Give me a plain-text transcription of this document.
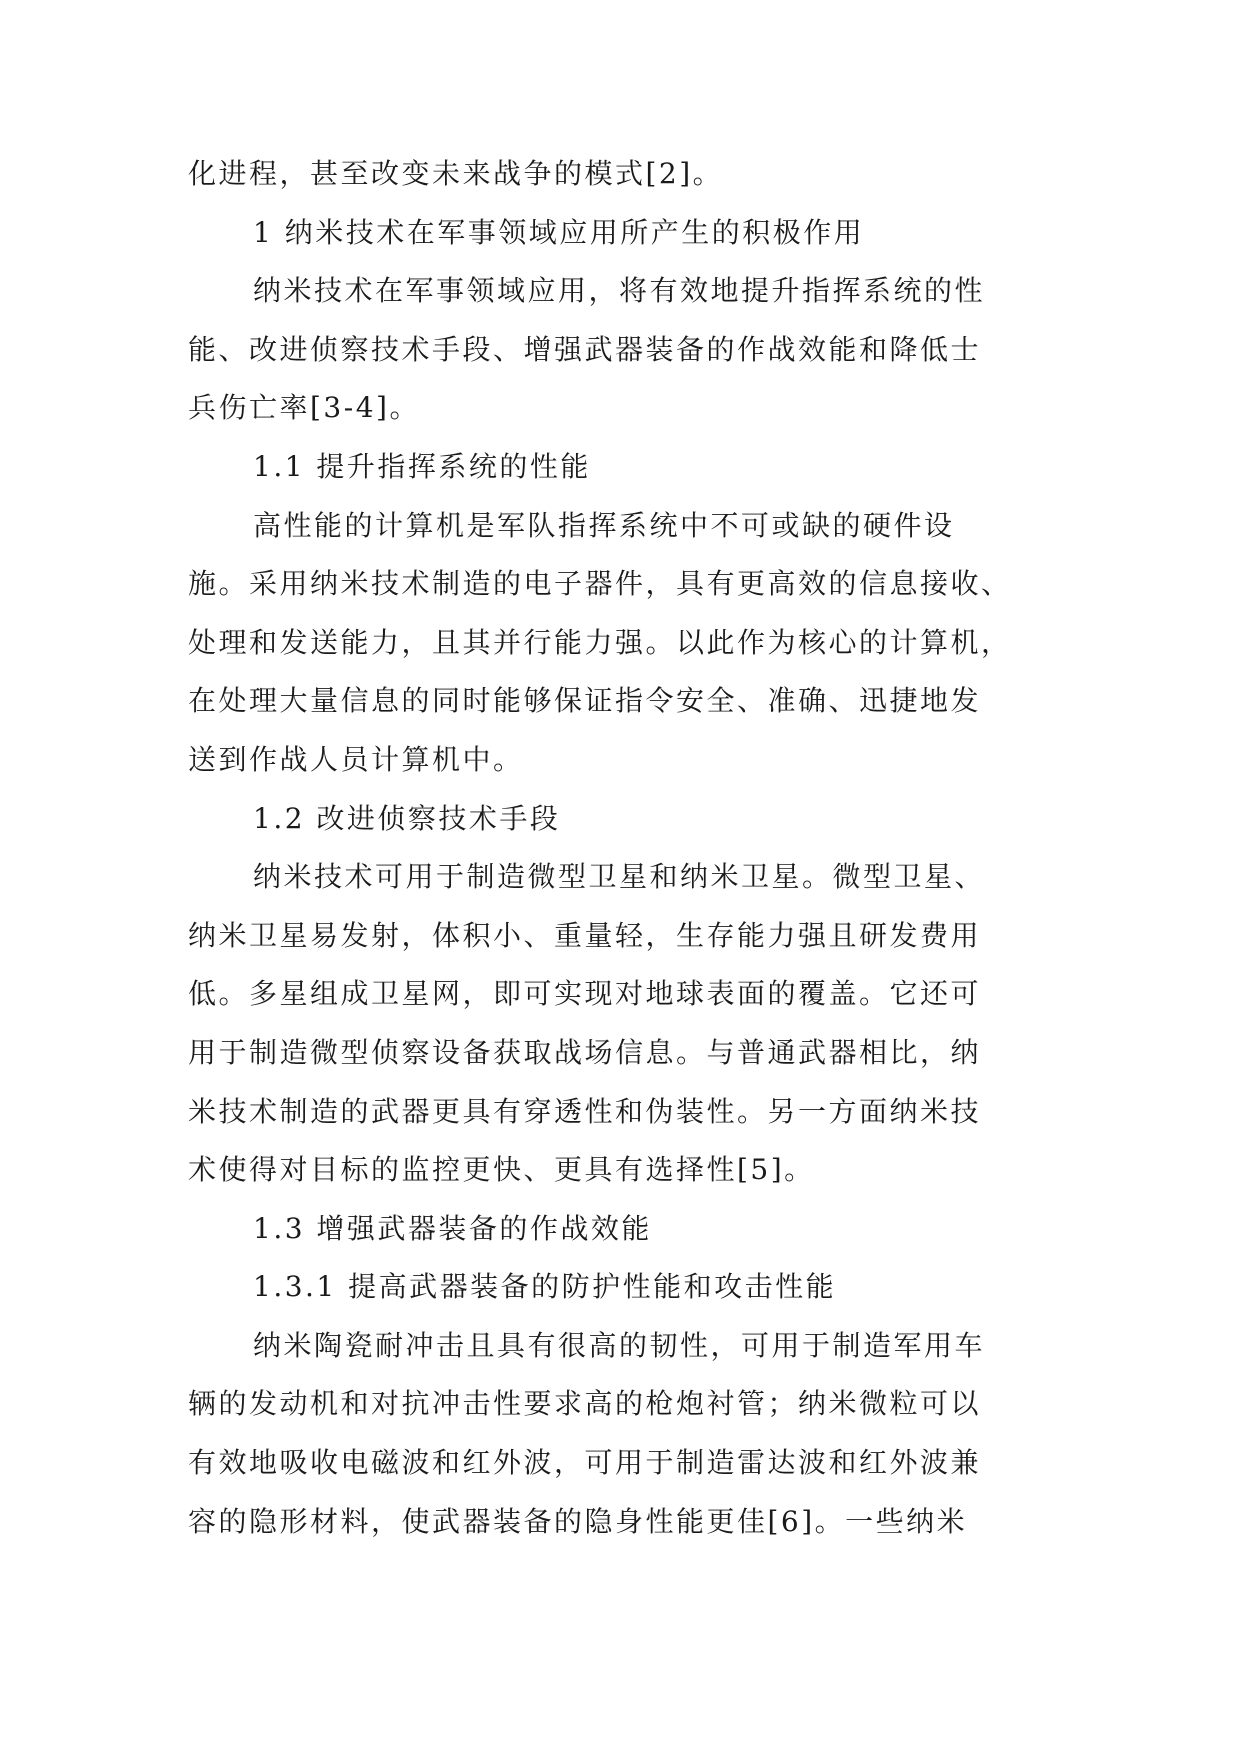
化进程，甚至改变未来战争的模式[2]。
1 纳米技术在军事领域应用所产生的积极作用
纳米技术在军事领域应用，将有效地提升指挥系统的性
能、改进侦察技术手段、增强武器装备的作战效能和降低士
兵伤亡率[3-4]。
1.1 提升指挥系统的性能
高性能的计算机是军队指挥系统中不可或缺的硬件设
施。采用纳米技术制造的电子器件，具有更高效的信息接收、
处理和发送能力，且其并行能力强。以此作为核心的计算机，
在处理大量信息的同时能够保证指令安全、准确、迅捷地发
送到作战人员计算机中。
1.2 改进侦察技术手段
纳米技术可用于制造微型卫星和纳米卫星。微型卫星、
纳米卫星易发射，体积小、重量轻，生存能力强且研发费用
低。多星组成卫星网，即可实现对地球表面的覆盖。它还可
用于制造微型侦察设备获取战场信息。与普通武器相比，纳
米技术制造的武器更具有穿透性和伪装性。另一方面纳米技
术使得对目标的监控更快、更具有选择性[5]。
1.3 增强武器装备的作战效能
1.3.1 提高武器装备的防护性能和攻击性能
纳米陶瓷耐冲击且具有很高的韧性，可用于制造军用车
辆的发动机和对抗冲击性要求高的枪炮衬管；纳米微粒可以
有效地吸收电磁波和红外波，可用于制造雷达波和红外波兼
容的隐形材料，使武器装备的隐身性能更佳[6]。一些纳米
